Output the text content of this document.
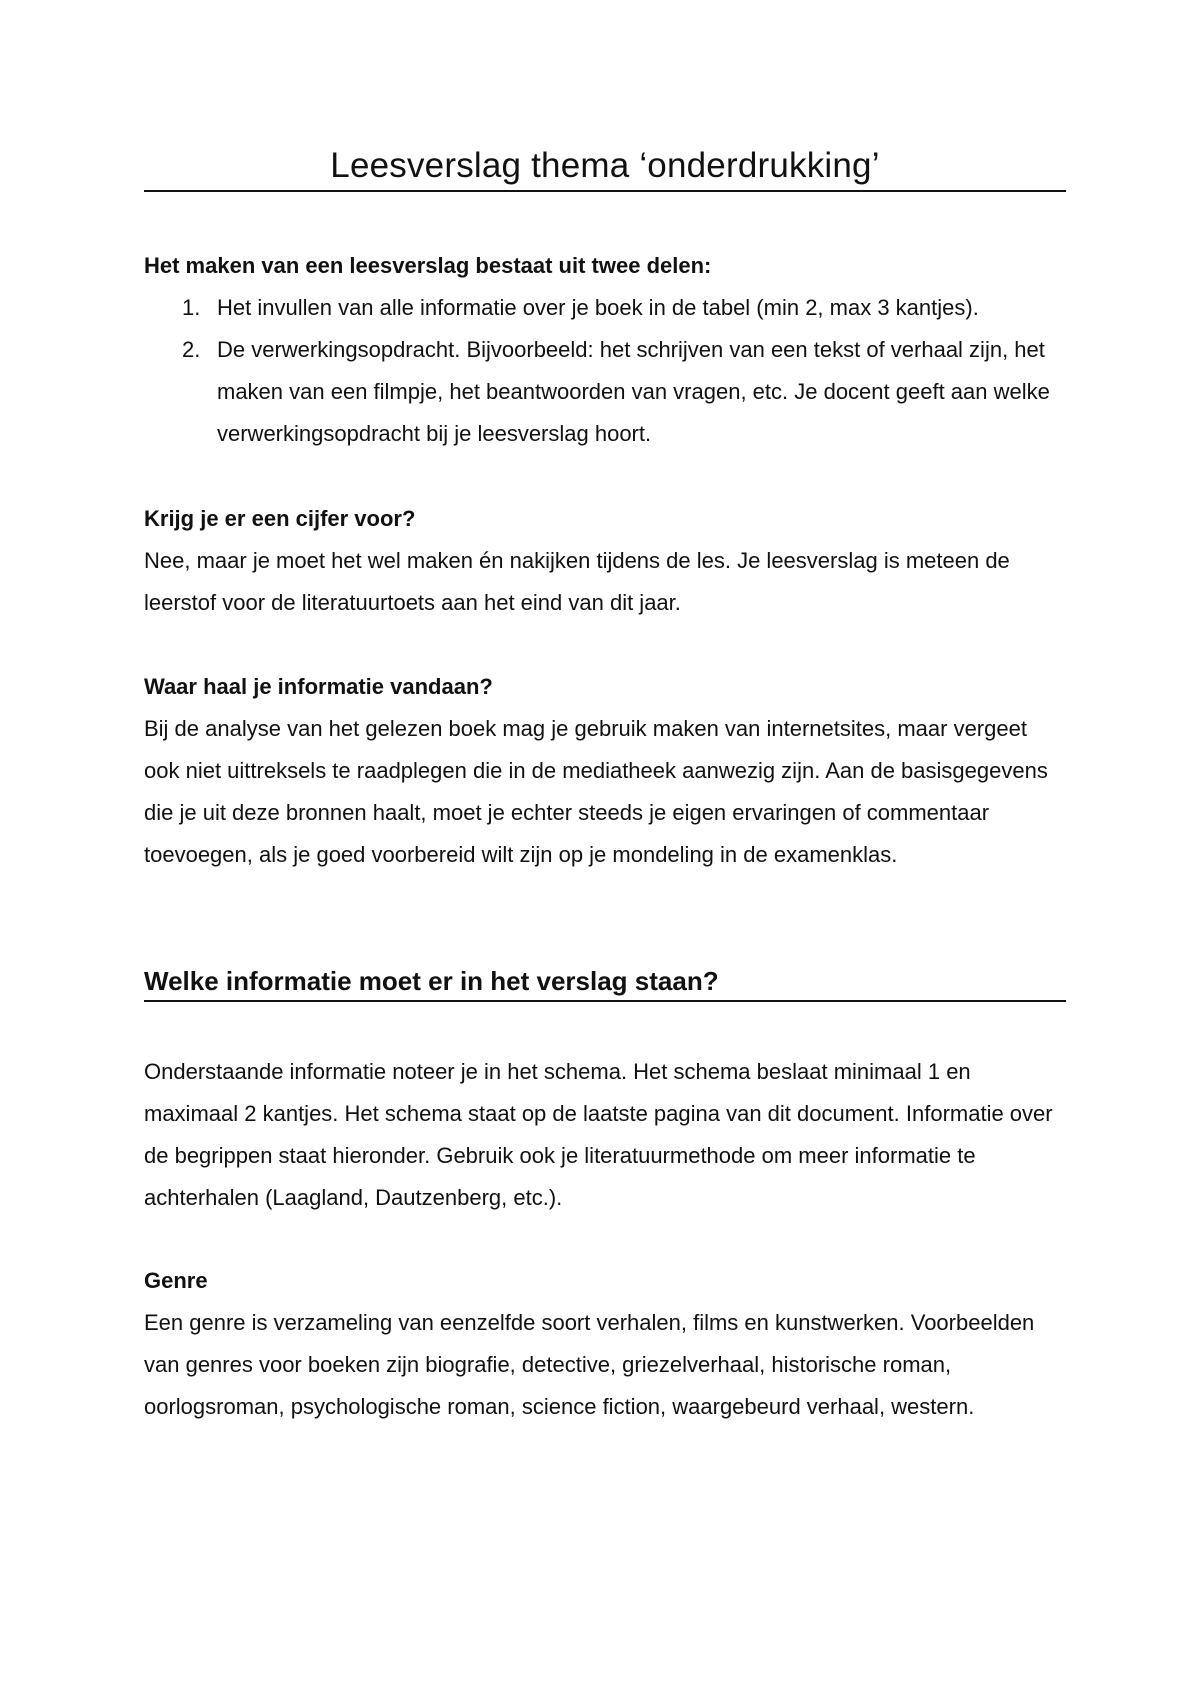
Leesverslag thema ‘onderdrukking’
Het maken van een leesverslag bestaat uit twee delen:
1. Het invullen van alle informatie over je boek in de tabel (min 2, max 3 kantjes).
2. De verwerkingsopdracht. Bijvoorbeeld: het schrijven van een tekst of verhaal zijn, het maken van een filmpje, het beantwoorden van vragen, etc. Je docent geeft aan welke verwerkingsopdracht bij je leesverslag hoort.
Krijg je er een cijfer voor?

Nee, maar je moet het wel maken én nakijken tijdens de les. Je leesverslag is meteen de leerstof voor de literatuurtoets aan het eind van dit jaar.

Waar haal je informatie vandaan?

Bij de analyse van het gelezen boek mag je gebruik maken van internetsites, maar vergeet ook niet uittreksels te raadplegen die in de mediatheek aanwezig zijn. Aan de basisgegevens die je uit deze bronnen haalt, moet je echter steeds je eigen ervaringen of commentaar toevoegen, als je goed voorbereid wilt zijn op je mondeling in de examenklas.

Welke informatie moet er in het verslag staan?

Onderstaande informatie noteer je in het schema. Het schema beslaat minimaal 1 en maximaal 2 kantjes. Het schema staat op de laatste pagina van dit document. Informatie over de begrippen staat hieronder. Gebruik ook je literatuurmethode om meer informatie te achterhalen (Laagland, Dautzenberg, etc.).

Genre

Een genre is verzameling van eenzelfde soort verhalen, films en kunstwerken. Voorbeelden van genres voor boeken zijn biografie, detective, griezelverhaal, historische roman, oorlogsroman, psychologische roman, science fiction, waargebeurd verhaal, western.
